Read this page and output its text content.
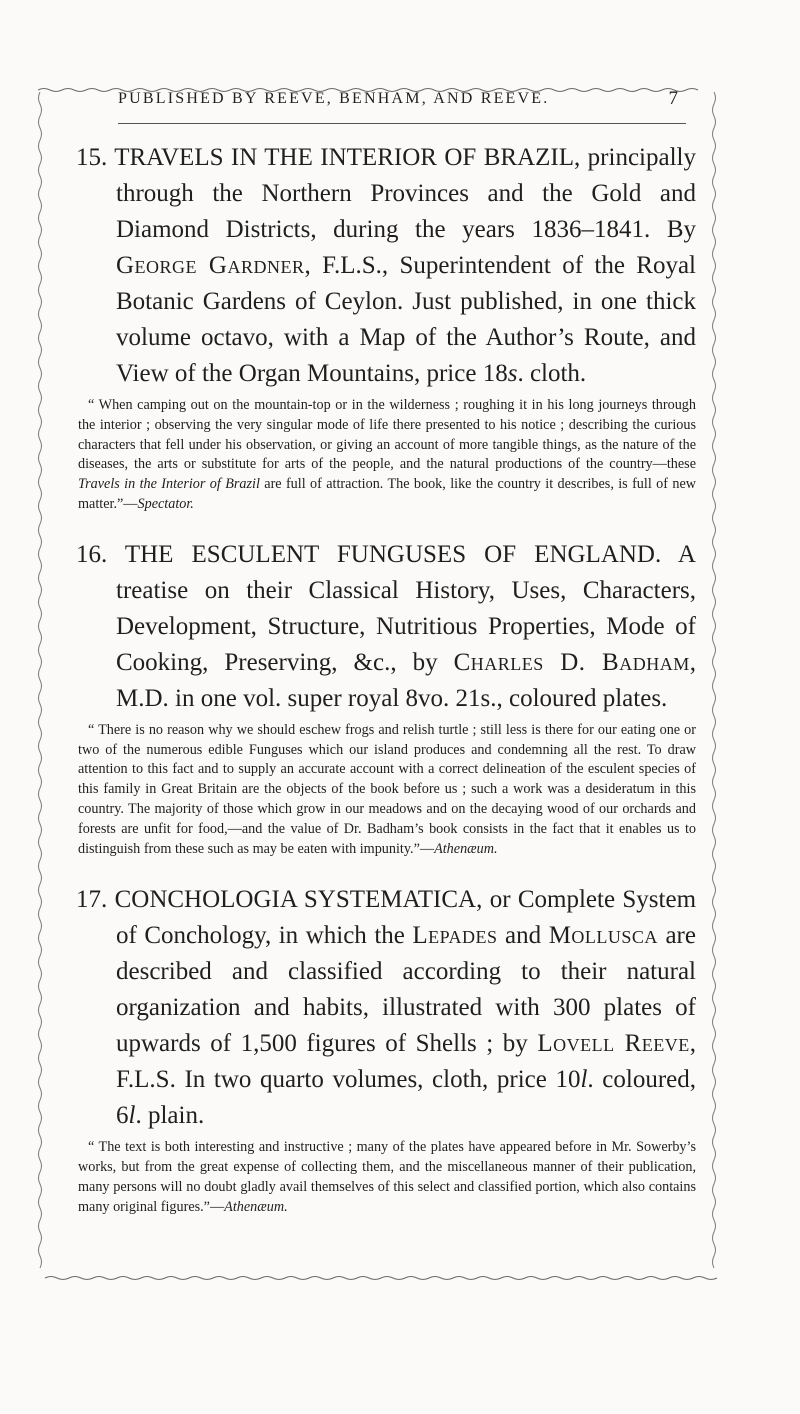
PUBLISHED BY REEVE, BENHAM, AND REEVE.	7

15. TRAVELS IN THE INTERIOR OF BRAZIL, principally through the Northern Provinces and the Gold and Diamond Districts, during the years 1836–1841. By George Gardner, F.L.S., Superintendent of the Royal Botanic Gardens of Ceylon. Just published, in one thick volume octavo, with a Map of the Author’s Route, and View of the Organ Mountains, price 18s. cloth.

“ When camping out on the mountain-top or in the wilderness ; roughing it in his long journeys through the interior ; observing the very singular mode of life there presented to his notice ; describing the curious characters that fell under his observation, or giving an account of more tangible things, as the nature of the diseases, the arts or substitute for arts of the people, and the natural productions of the country—these Travels in the Interior of Brazil are full of attraction. The book, like the country it describes, is full of new matter.”—Spectator.

16. THE ESCULENT FUNGUSES OF ENGLAND. A treatise on their Classical History, Uses, Characters, Development, Structure, Nutritious Properties, Mode of Cooking, Preserving, &c., by Charles D. Badham, M.D. in one vol. super royal 8vo. 21s., coloured plates.

“ There is no reason why we should eschew frogs and relish turtle ; still less is there for our eating one or two of the numerous edible Funguses which our island produces and condemning all the rest. To draw attention to this fact and to supply an accurate account with a correct delineation of the esculent species of this family in Great Britain are the objects of the book before us ; such a work was a desideratum in this country. The majority of those which grow in our meadows and on the decaying wood of our orchards and forests are unfit for food,—and the value of Dr. Badham’s book consists in the fact that it enables us to distinguish from these such as may be eaten with impunity.”—Athenæum.

17. CONCHOLOGIA SYSTEMATICA, or Complete System of Conchology, in which the Lepades and Mollusca are described and classified according to their natural organization and habits, illustrated with 300 plates of upwards of 1,500 figures of Shells ; by Lovell Reeve, F.L.S. In two quarto volumes, cloth, price 10l. coloured, 6l. plain.

“ The text is both interesting and instructive ; many of the plates have appeared before in Mr. Sowerby’s works, but from the great expense of collecting them, and the miscellaneous manner of their publication, many persons will no doubt gladly avail themselves of this select and classified portion, which also contains many original figures.”—Athenæum.
